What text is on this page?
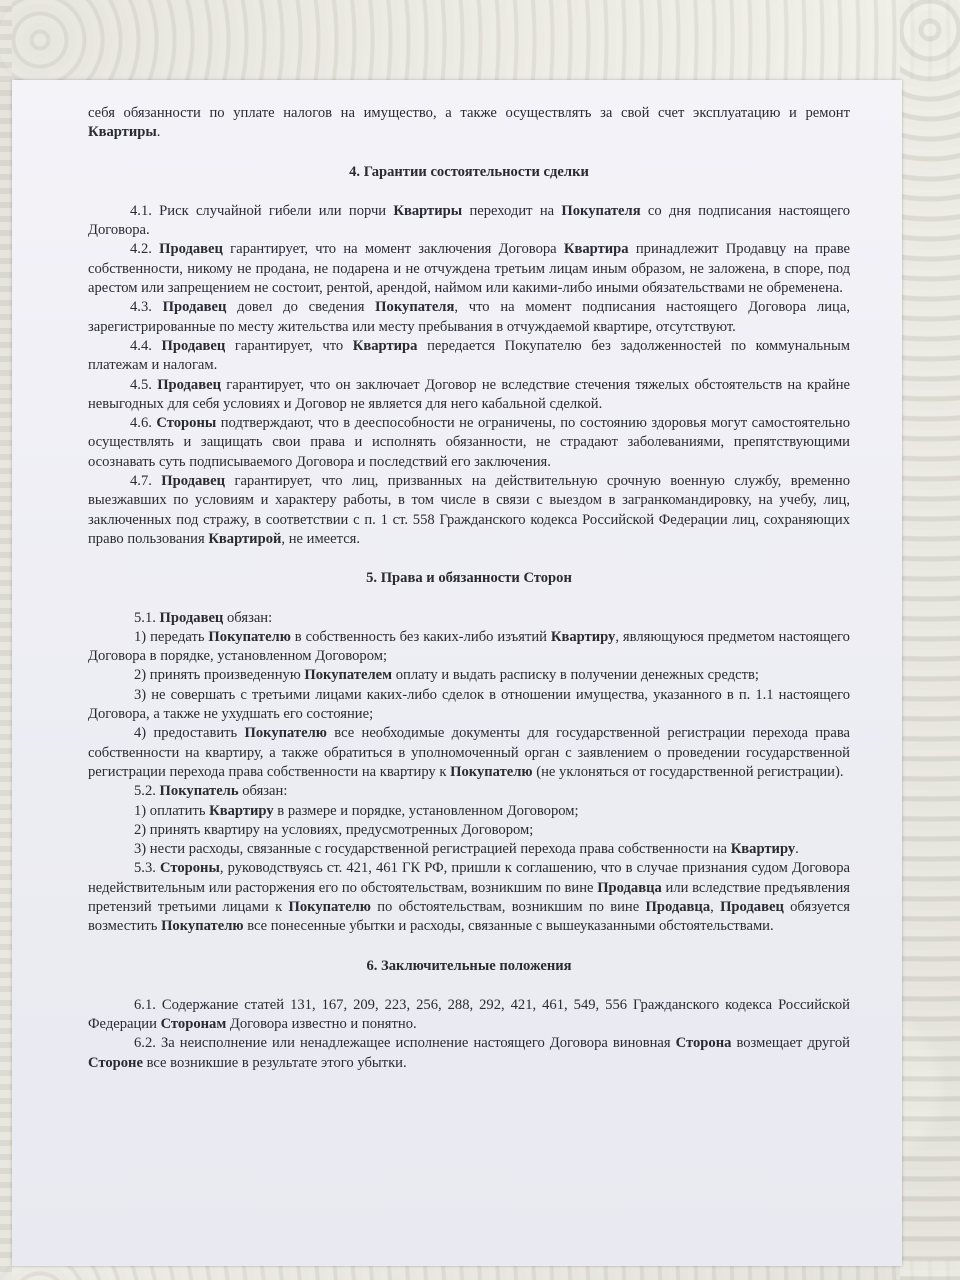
себя обязанности по уплате налогов на имущество, а также осуществлять за свой счет эксплуатацию и ремонт Квартиры.

4. Гарантии состоятельности сделки

4.1. Риск случайной гибели или порчи Квартиры переходит на Покупателя со дня подписания настоящего Договора.

4.2. Продавец гарантирует, что на момент заключения Договора Квартира принадлежит Продавцу на праве собственности, никому не продана, не подарена и не отчуждена третьим лицам иным образом, не заложена, в споре, под арестом или запрещением не состоит, рентой, арендой, наймом или какими-либо иными обязательствами не обременена.

4.3. Продавец довел до сведения Покупателя, что на момент подписания настоящего Договора лица, зарегистрированные по месту жительства или месту пребывания в отчуждаемой квартире, отсутствуют.

4.4. Продавец гарантирует, что Квартира передается Покупателю без задолженностей по коммунальным платежам и налогам.

4.5. Продавец гарантирует, что он заключает Договор не вследствие стечения тяжелых обстоятельств на крайне невыгодных для себя условиях и Договор не является для него кабальной сделкой.

4.6. Стороны подтверждают, что в дееспособности не ограничены, по состоянию здоровья могут самостоятельно осуществлять и защищать свои права и исполнять обязанности, не страдают заболеваниями, препятствующими осознавать суть подписываемого Договора и последствий его заключения.

4.7. Продавец гарантирует, что лиц, призванных на действительную срочную военную службу, временно выезжавших по условиям и характеру работы, в том числе в связи с выездом в загранкомандировку, на учебу, лиц, заключенных под стражу, в соответствии с п. 1 ст. 558 Гражданского кодекса Российской Федерации лиц, сохраняющих право пользования Квартирой, не имеется.

5. Права и обязанности Сторон

5.1. Продавец обязан:

1) передать Покупателю в собственность без каких-либо изъятий Квартиру, являющуюся предметом настоящего Договора в порядке, установленном Договором;

2) принять произведенную Покупателем оплату и выдать расписку в получении денежных средств;

3) не совершать с третьими лицами каких-либо сделок в отношении имущества, указанного в п. 1.1 настоящего Договора, а также не ухудшать его состояние;

4) предоставить Покупателю все необходимые документы для государственной регистрации перехода права собственности на квартиру, а также обратиться в уполномоченный орган с заявлением о проведении государственной регистрации перехода права собственности на квартиру к Покупателю (не уклоняться от государственной регистрации).

5.2. Покупатель обязан:

1) оплатить Квартиру в размере и порядке, установленном Договором;

2) принять квартиру на условиях, предусмотренных Договором;

3) нести расходы, связанные с государственной регистрацией перехода права собственности на Квартиру.

5.3. Стороны, руководствуясь ст. 421, 461 ГК РФ, пришли к соглашению, что в случае признания судом Договора недействительным или расторжения его по обстоятельствам, возникшим по вине Продавца или вследствие предъявления претензий третьими лицами к Покупателю по обстоятельствам, возникшим по вине Продавца, Продавец обязуется возместить Покупателю все понесенные убытки и расходы, связанные с вышеуказанными обстоятельствами.

6. Заключительные положения

6.1. Содержание статей 131, 167, 209, 223, 256, 288, 292, 421, 461, 549, 556 Гражданского кодекса Российской Федерации Сторонам Договора известно и понятно.

6.2. За неисполнение или ненадлежащее исполнение настоящего Договора виновная Сторона возмещает другой Стороне все возникшие в результате этого убытки.
